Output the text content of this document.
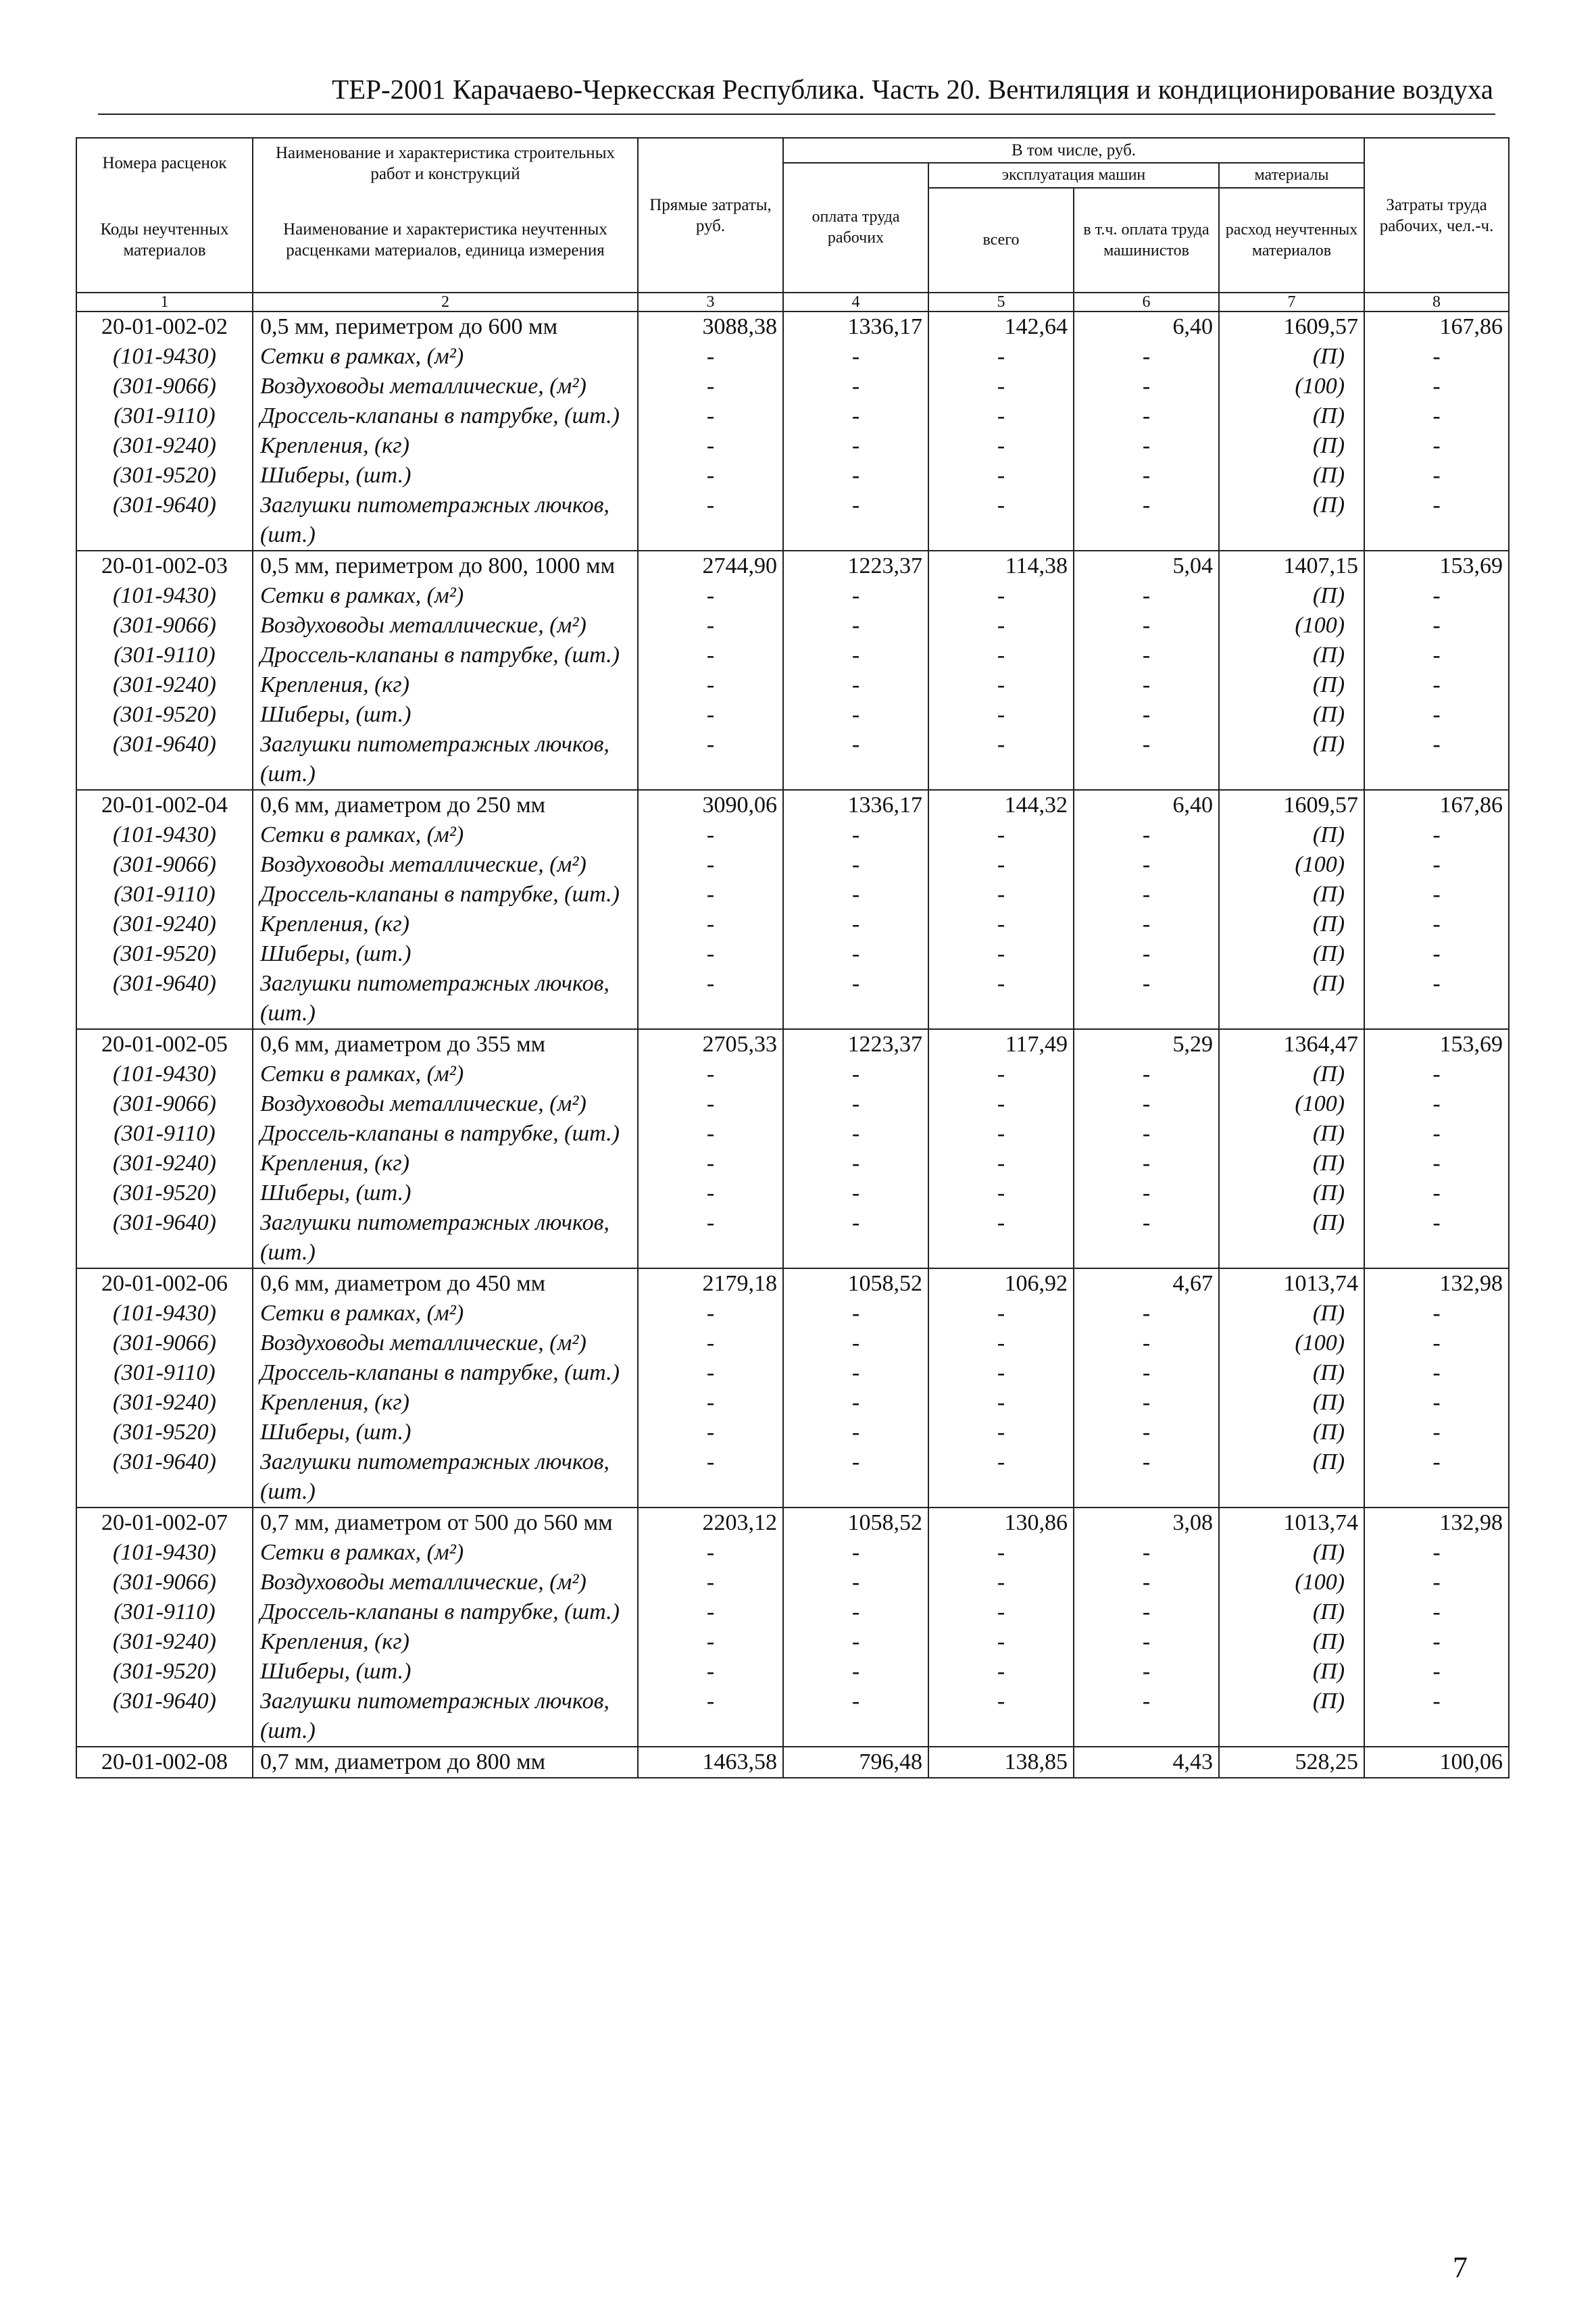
ТЕР-2001 Карачаево-Черкесская Республика. Часть 20. Вентиляция и кондиционирование воздуха
Номера расценок	Наименование и характеристика строительных работ и конструкций	Прямые затраты, руб.	В том числе, руб.				Затраты труда рабочих, чел.-ч.
			оплата труда рабочих	эксплуатация машин		материалы	
Коды неучтенных материалов	Наименование и характеристика неучтенных расценками материалов, единица измерения			всего	в т.ч. оплата труда машинистов	расход неучтенных материалов	

1	2	3	4	5	6	7	8
20-01-002-02	0,5 мм, периметром до 600 мм	3088,38	1336,17	142,64	6,40	1609,57	167,86
(101-9430)	Сетки в рамках, (м²)	-	-	-	-	(П)	-
(301-9066)	Воздуховоды металлические, (м²)	-	-	-	-	(100)	-
(301-9110)	Дроссель-клапаны в патрубке, (шт.)	-	-	-	-	(П)	-
(301-9240)	Крепления, (кг)	-	-	-	-	(П)	-
(301-9520)	Шиберы, (шт.)	-	-	-	-	(П)	-
(301-9640)	Заглушки питометражных лючков, (шт.)	-	-	-	-	(П)	-
20-01-002-03	0,5 мм, периметром до 800, 1000 мм	2744,90	1223,37	114,38	5,04	1407,15	153,69
(101-9430)	Сетки в рамках, (м²)	-	-	-	-	(П)	-
(301-9066)	Воздуховоды металлические, (м²)	-	-	-	-	(100)	-
(301-9110)	Дроссель-клапаны в патрубке, (шт.)	-	-	-	-	(П)	-
(301-9240)	Крепления, (кг)	-	-	-	-	(П)	-
(301-9520)	Шиберы, (шт.)	-	-	-	-	(П)	-
(301-9640)	Заглушки питометражных лючков, (шт.)	-	-	-	-	(П)	-
20-01-002-04	0,6 мм, диаметром до 250 мм	3090,06	1336,17	144,32	6,40	1609,57	167,86
(101-9430)	Сетки в рамках, (м²)	-	-	-	-	(П)	-
(301-9066)	Воздуховоды металлические, (м²)	-	-	-	-	(100)	-
(301-9110)	Дроссель-клапаны в патрубке, (шт.)	-	-	-	-	(П)	-
(301-9240)	Крепления, (кг)	-	-	-	-	(П)	-
(301-9520)	Шиберы, (шт.)	-	-	-	-	(П)	-
(301-9640)	Заглушки питометражных лючков, (шт.)	-	-	-	-	(П)	-
20-01-002-05	0,6 мм, диаметром до 355 мм	2705,33	1223,37	117,49	5,29	1364,47	153,69
(101-9430)	Сетки в рамках, (м²)	-	-	-	-	(П)	-
(301-9066)	Воздуховоды металлические, (м²)	-	-	-	-	(100)	-
(301-9110)	Дроссель-клапаны в патрубке, (шт.)	-	-	-	-	(П)	-
(301-9240)	Крепления, (кг)	-	-	-	-	(П)	-
(301-9520)	Шиберы, (шт.)	-	-	-	-	(П)	-
(301-9640)	Заглушки питометражных лючков, (шт.)	-	-	-	-	(П)	-
20-01-002-06	0,6 мм, диаметром до 450 мм	2179,18	1058,52	106,92	4,67	1013,74	132,98
(101-9430)	Сетки в рамках, (м²)	-	-	-	-	(П)	-
(301-9066)	Воздуховоды металлические, (м²)	-	-	-	-	(100)	-
(301-9110)	Дроссель-клапаны в патрубке, (шт.)	-	-	-	-	(П)	-
(301-9240)	Крепления, (кг)	-	-	-	-	(П)	-
(301-9520)	Шиберы, (шт.)	-	-	-	-	(П)	-
(301-9640)	Заглушки питометражных лючков, (шт.)	-	-	-	-	(П)	-
20-01-002-07	0,7 мм, диаметром от 500 до 560 мм	2203,12	1058,52	130,86	3,08	1013,74	132,98
(101-9430)	Сетки в рамках, (м²)	-	-	-	-	(П)	-
(301-9066)	Воздуховоды металлические, (м²)	-	-	-	-	(100)	-
(301-9110)	Дроссель-клапаны в патрубке, (шт.)	-	-	-	-	(П)	-
(301-9240)	Крепления, (кг)	-	-	-	-	(П)	-
(301-9520)	Шиберы, (шт.)	-	-	-	-	(П)	-
(301-9640)	Заглушки питометражных лючков, (шт.)	-	-	-	-	(П)	-
20-01-002-08	0,7 мм, диаметром до 800 мм	1463,58	796,48	138,85	4,43	528,25	100,06
7
